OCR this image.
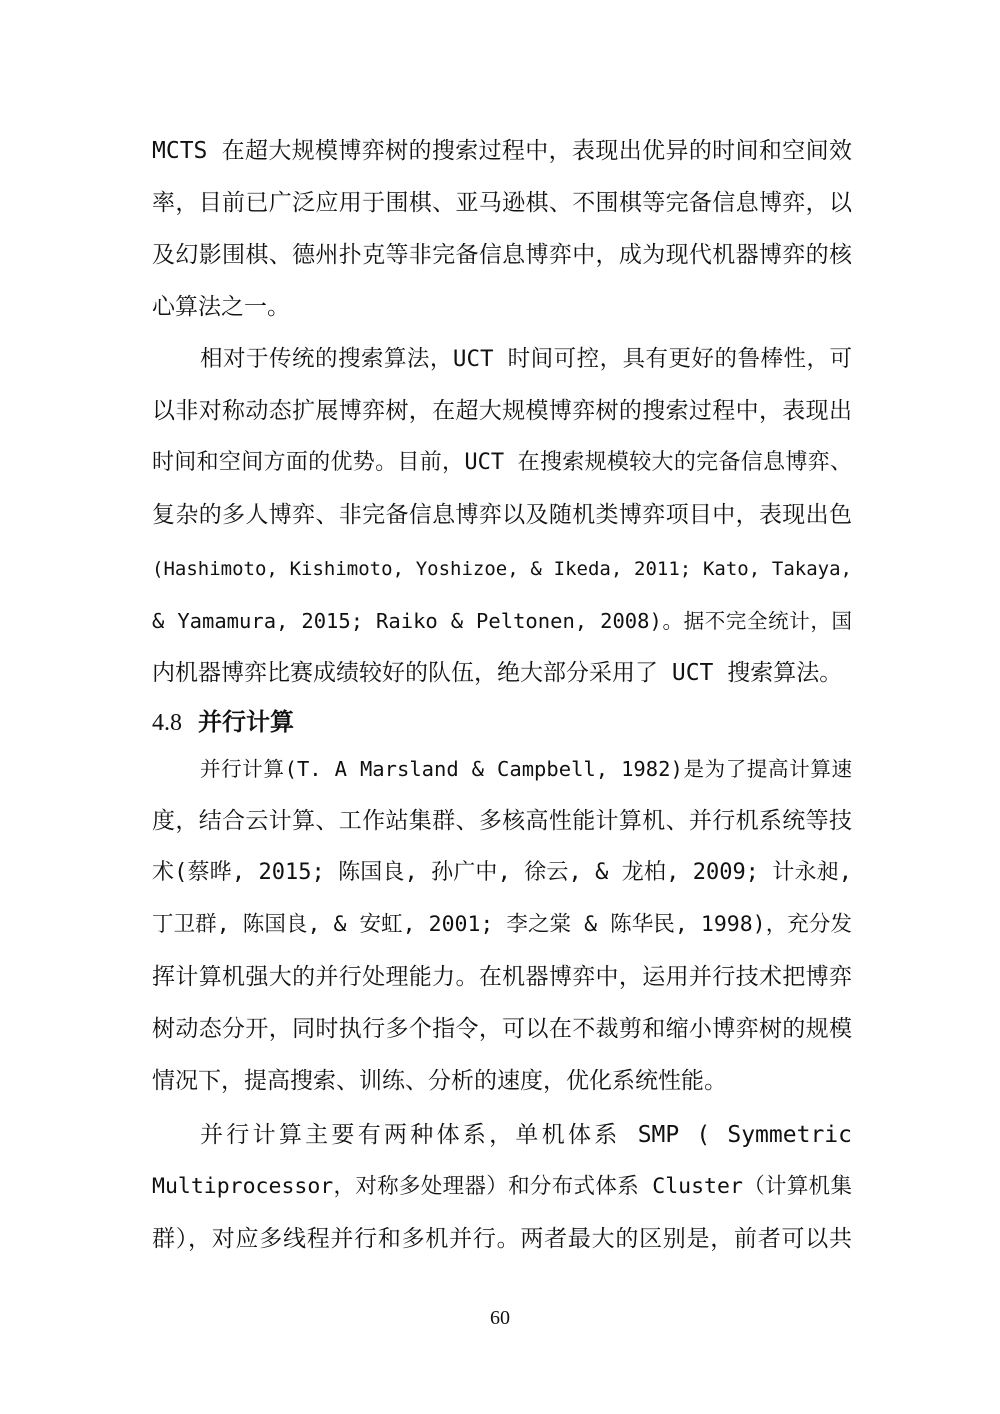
MCTS 在超大规模博弈树的搜索过程中，表现出优异的时间和空间效
率，目前已广泛应用于围棋、亚马逊棋、不围棋等完备信息博弈，以
及幻影围棋、德州扑克等非完备信息博弈中，成为现代机器博弈的核
心算法之一。
相对于传统的搜索算法，UCT 时间可控，具有更好的鲁棒性，可
以非对称动态扩展博弈树，在超大规模博弈树的搜索过程中，表现出
时间和空间方面的优势。目前，UCT 在搜索规模较大的完备信息博弈、
复杂的多人博弈、非完备信息博弈以及随机类博弈项目中，表现出色
(Hashimoto, Kishimoto, Yoshizoe, & Ikeda, 2011; Kato, Takaya,
& Yamamura, 2015; Raiko & Peltonen, 2008)。据不完全统计，国
内机器博弈比赛成绩较好的队伍，绝大部分采用了 UCT 搜索算法。
4.8 并行计算
并行计算(T. A Marsland & Campbell, 1982)是为了提高计算速
度，结合云计算、工作站集群、多核高性能计算机、并行机系统等技
术(蔡晔, 2015; 陈国良, 孙广中, 徐云, & 龙柏, 2009; 计永昶,
丁卫群, 陈国良, & 安虹, 2001; 李之棠 & 陈华民, 1998)，充分发
挥计算机强大的并行处理能力。在机器博弈中，运用并行技术把博弈
树动态分开，同时执行多个指令，可以在不裁剪和缩小博弈树的规模
情况下，提高搜索、训练、分析的速度，优化系统性能。
并行计算主要有两种体系，单机体系 SMP ( Symmetric
Multiprocessor，对称多处理器）和分布式体系 Cluster（计算机集
群），对应多线程并行和多机并行。两者最大的区别是，前者可以共
60
